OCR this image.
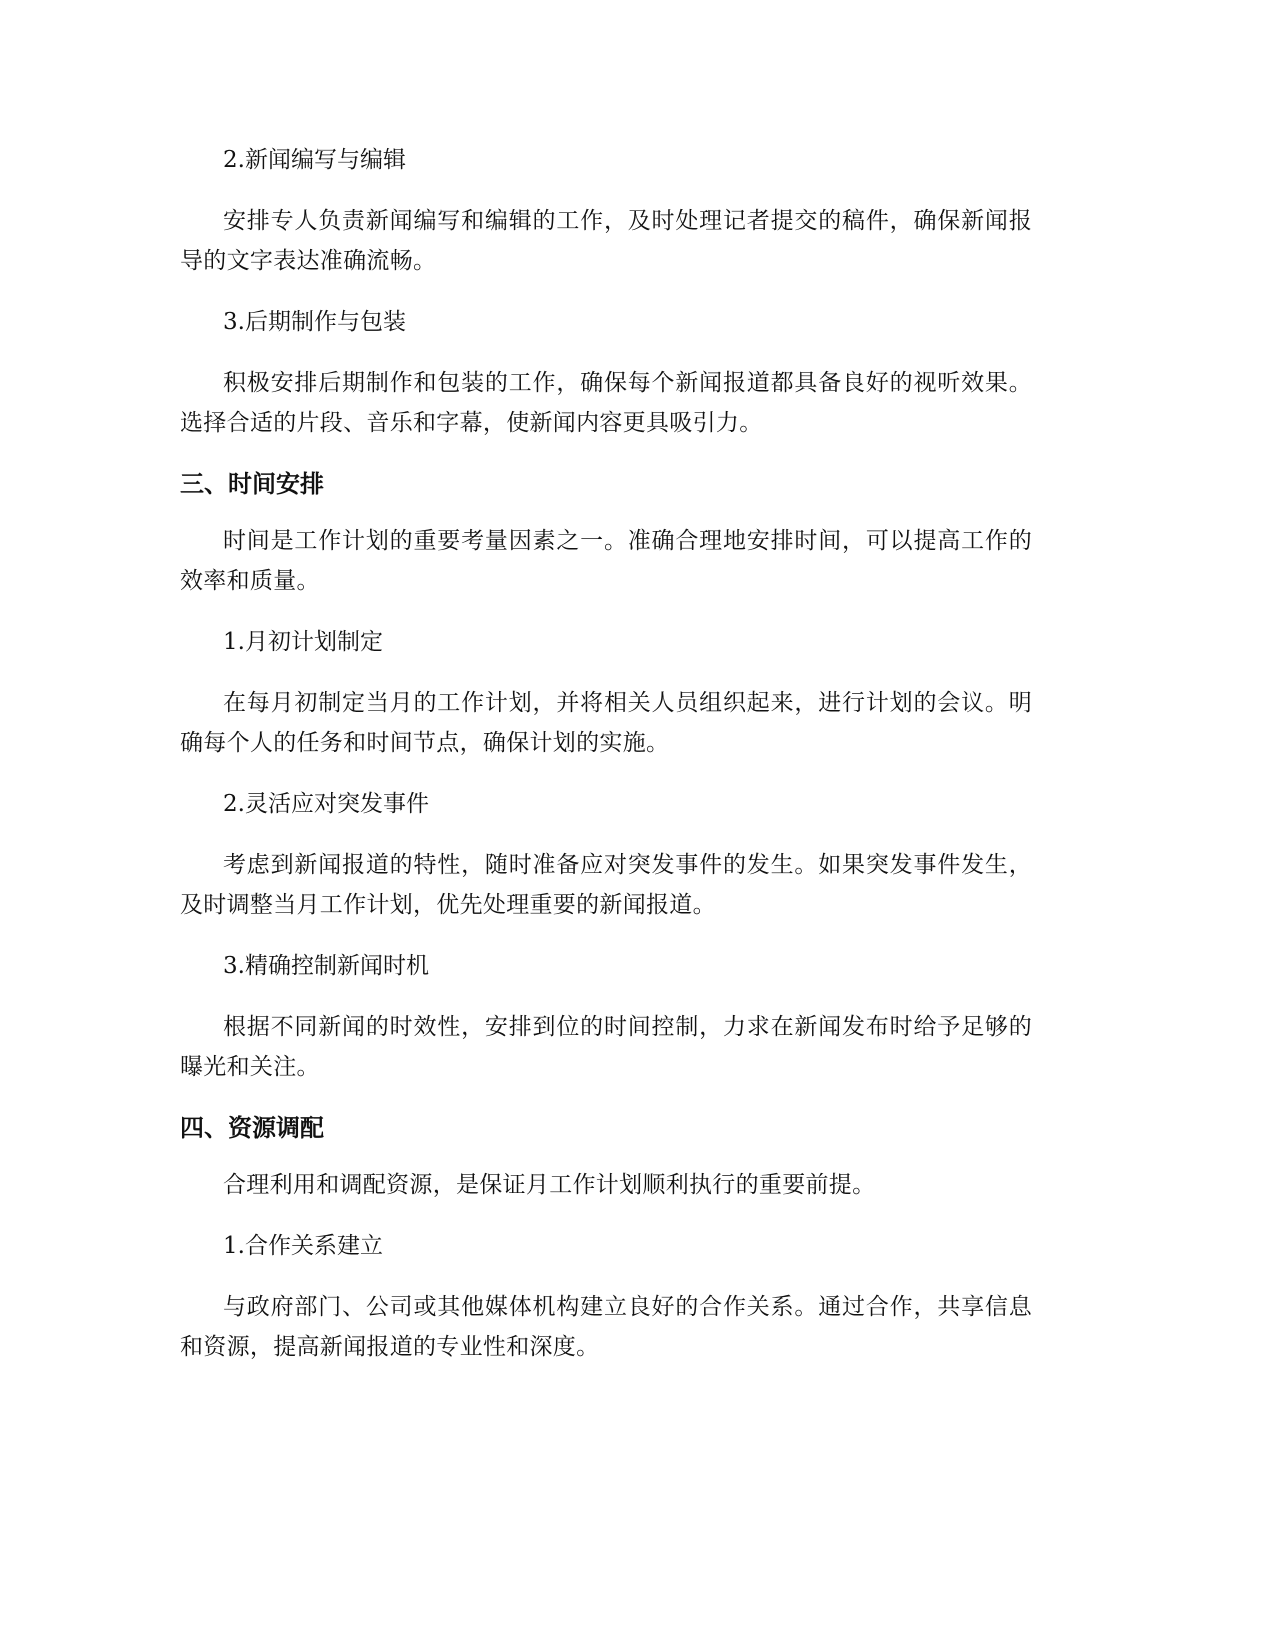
2.新闻编写与编辑

安排专人负责新闻编写和编辑的工作，及时处理记者提交的稿件，确保新闻报导的文字表达准确流畅。

3.后期制作与包装

积极安排后期制作和包装的工作，确保每个新闻报道都具备良好的视听效果。选择合适的片段、音乐和字幕，使新闻内容更具吸引力。

三、时间安排

时间是工作计划的重要考量因素之一。准确合理地安排时间，可以提高工作的效率和质量。

1.月初计划制定

在每月初制定当月的工作计划，并将相关人员组织起来，进行计划的会议。明确每个人的任务和时间节点，确保计划的实施。

2.灵活应对突发事件

考虑到新闻报道的特性，随时准备应对突发事件的发生。如果突发事件发生，及时调整当月工作计划，优先处理重要的新闻报道。

3.精确控制新闻时机

根据不同新闻的时效性，安排到位的时间控制，力求在新闻发布时给予足够的曝光和关注。

四、资源调配

合理利用和调配资源，是保证月工作计划顺利执行的重要前提。

1.合作关系建立

与政府部门、公司或其他媒体机构建立良好的合作关系。通过合作，共享信息和资源，提高新闻报道的专业性和深度。
